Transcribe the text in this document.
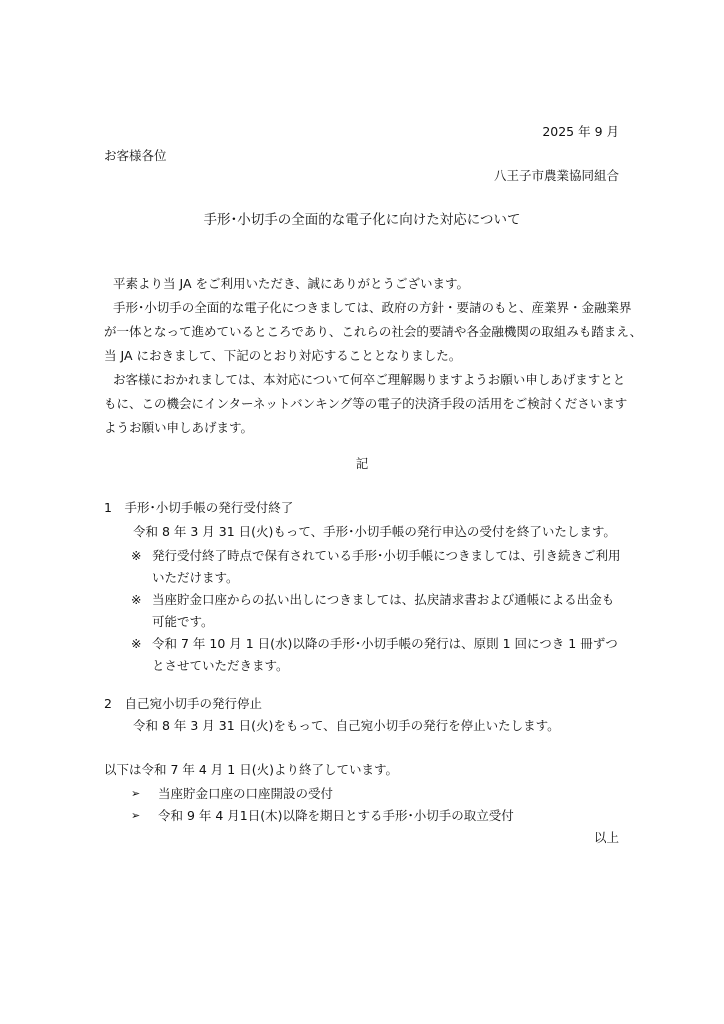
2025 年 9 月
お客様各位
八王子市農業協同組合
手形･小切手の全面的な電子化に向けた対応について
平素より当 JA をご利用いただき、誠にありがとうございます。
手形･小切手の全面的な電子化につきましては、政府の方針・要請のもと、産業界・金融業界
が一体となって進めているところであり、これらの社会的要請や各金融機関の取組みも踏まえ、
当 JA におきまして、下記のとおり対応することとなりました。
お客様におかれましては、本対応について何卒ご理解賜りますようお願い申しあげますとと
もに、この機会にインターネットバンキング等の電子的決済手段の活用をご検討くださいます
ようお願い申しあげます。
記
1　手形･小切手帳の発行受付終了
令和 8 年 3 月 31 日(火)もって、手形･小切手帳の発行申込の受付を終了いたします。
※ 発行受付終了時点で保有されている手形･小切手帳につきましては、引き続きご利用
いただけます。
※ 当座貯金口座からの払い出しにつきましては、払戻請求書および通帳による出金も
可能です。
※ 令和 7 年 10 月 1 日(水)以降の手形･小切手帳の発行は、原則 1 回につき 1 冊ずつ
とさせていただきます。
2　自己宛小切手の発行停止
令和 8 年 3 月 31 日(火)をもって、自己宛小切手の発行を停止いたします。
以下は令和 7 年 4 月 1 日(火)より終了しています。
➢ 当座貯金口座の口座開設の受付
➢ 令和 9 年 4 月1日(木)以降を期日とする手形･小切手の取立受付
以上
